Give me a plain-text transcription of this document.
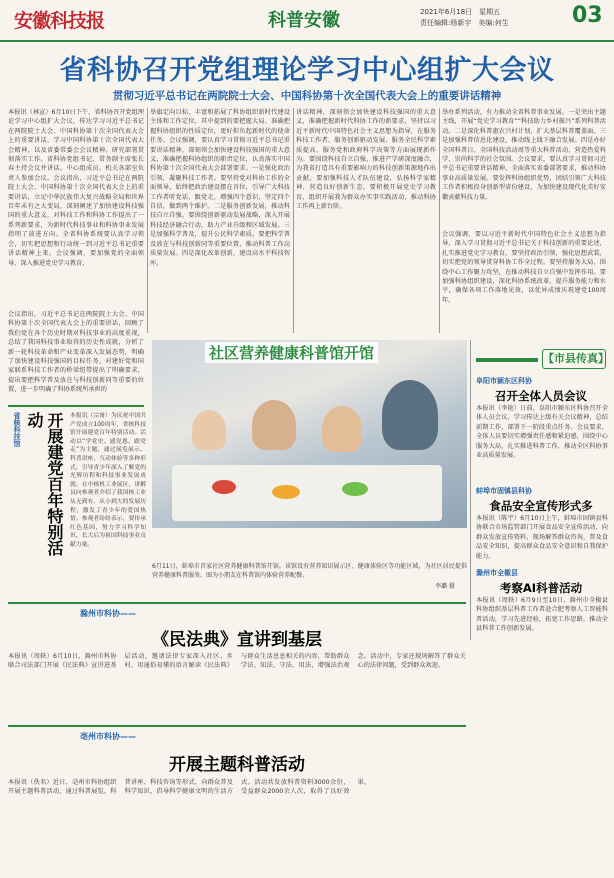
安徽科技报	科普安徽	2021年6月18日　星期五
责任编辑:杨新宇　美编:何生	03
省科协召开党组理论学习中心组扩大会议
贯彻习近平总书记在两院院士大会、中国科协第十次全国代表大会上的重要讲话精神
本报讯（林宣）6月10日下午，省科协召开党组理论学习中心组扩大会议，传达学习习近平总书记在两院院士大会、中国科协第十次全国代表大会上的重要讲话，学习中国科协第十次全国代表大会精神，以及省委常委会会议精神。研究部署贯彻落实工作。省科协党组书记、常务副主席张长春主持会议并讲话。中心组成员、机关各部室负责人参加会议。会议指出，习近平总书记在两院院士大会、中国科协第十次全国代表大会上的重要讲话，立足中华民族伟大复兴战略全局和世界百年未有之大变局，深刻阐述了加快建设科技强国的重大意义，对科技工作和科协工作提出了一系列新要求，为新时代科技事业和科协事业发展指明了前进方向。全省科协系统要认真学习领会，切实把思想和行动统一到习近平总书记重要讲话精神上来。会议强调，要加强党的全面领导，深入推进党史学习教育，
会议指出，习近平总书记在两院院士大会、中国科协第十次全国代表大会上的重要讲话，回顾了我们党在各个历史时期对科技事业的高度重视，总结了我国科技事业取得的历史性成就，分析了新一轮科技革命和产业变革深入发展态势，明确了加快建设科技强国的目标任务，对建好党和国家联系科技工作者的桥梁纽带提出了明确要求，提出要把科学普及放在与科技创新同等重要的位置，进一步明确了科协系统所承担的
举旗定向目标，丰富和拓展了科协组织新时代建设主体和工作定位，其中提到的要把握大局、准确把握科协组织的性质定位，更好担负起新时代的使命任务。会议强调，要认真学习贯彻习近平总书记重要讲话精神，深刻领会加快建设科技强国的重大意义，准确把握科协组织的职责定位，认真落实中国科协第十次全国代表大会部署要求。一是强化政治引领，凝聚科技工作者。要坚持党对科协工作的全面领导，始终把政治建设摆在首位，引导广大科技工作者听党话、跟党走，增强四个意识，坚定四个自信，做到两个维护。二是服务创新发展，推动科技自立自强。要围绕创新驱动发展战略，深入开展科技经济融合行动，助力产业升级和区域发展。三是加强科学普及，提升公民科学素质。要把科学普及放在与科技创新同等重要位置，推动科普工作高质量发展。四是深化改革创新，建设高水平科技智库。
讲话精神，深刻领会加快建设科技强国的重大意义，准确把握新时代科协工作的新要求，坚持以习近平新时代中国特色社会主义思想为指导，在服务科技工作者、服务创新驱动发展、服务全民科学素质提高、服务党和政府科学决策等方面展现新作为。要围绕科技自立自强，推进产学研深度融合，为我省打造具有重要影响力的科技创新策源地作出贡献。要加强科技人才队伍建设，弘扬科学家精神，营造良好创新生态。要积极开展党史学习教育，组织开展我为群众办实事实践活动，推动科协工作再上新台阶。
举办系列活动，有力推动全省科普事业发展。一是突出主题主线，开展“党史学习教育”“科技助力乡村振兴”系列科普活动。二是深化科普惠农兴村计划，扩大基层科普覆盖面。三是加强科普信息化建设，推动线上线下融合发展。四是办好全国科普日、全国科技活动周等重大科普活动，营造热爱科学、崇尚科学的社会氛围。会议要求，要认真学习贯彻习近平总书记重要讲话精神，全面落实省委部署要求，推动科协事业高质量发展。要发挥科协组织优势，团结引领广大科技工作者积极投身创新型省份建设，为加快建设现代化美好安徽贡献科技力量。
会议强调，要以习近平新时代中国特色社会主义思想为指导，深入学习贯彻习近平总书记关于科技创新的重要论述，扎实推进党史学习教育。要坚持政治引领，强化思想武装，切实把党的领导贯穿科协工作全过程。要坚持服务大局，围绕中心工作聚力攻坚，在推动科技自立自强中发挥作用。要加强科协组织建设，深化科协系统改革，提升服务能力和水平，确保各项工作落地见效，以优异成绩庆祝建党100周年。
省核科技馆	开展建党百年特别活动	本报讯（宗备）为庆祝中国共产党成立100周年，省核科技馆开展建党百年特别活动。活动以“学党史、感党恩、跟党走”为主题，通过展览展示、科普讲座、互动体验等多种形式，引导青少年深入了解党的光辉历程和科技事业发展成就。在中核机工业展区，讲解员向参观者介绍了我国核工业从无到有、从小到大的发展历程，激发了青少年的爱国热情。参观者纷纷表示，要传承红色基因，努力学习科学知识，长大后为祖国科技事业贡献力量。
社区营养健康科普馆开馆
6月11日，蚌埠市首家社区营养健康科普馆开馆。该馆设有营养知识展示区、健康体验区等功能区域，为社区居民提供营养健康科普服务。图为小朋友在科普馆内体验营养配餐。
李璐 摄
【市县传真】
阜阳市颍东区科协
召开全体人员会议
本报讯（李艳）日前，阜阳市颍东区科协召开全体人员会议，学习传达上级有关会议精神，总结前期工作，部署下一阶段重点任务。会议要求，全体人员要切实增强责任感和紧迫感，围绕中心服务大局，扎实推进科普工作，推动全区科协事业高质量发展。
蚌埠市固镇县科协
食品安全宣传形式多
本报讯（陈宇）6月10日上午，蚌埠市固镇县科协联合市场监管部门开展食品安全宣传活动，向群众发放宣传资料，现场解答群众咨询，普及食品安全知识，提高群众食品安全意识和自我保护能力。
滁州市全椒县
考察AI科普活动
本报讯（周轶）6月9日至10日，滁州市全椒县科协组织基层科普工作者赴合肥考察人工智能科普活动，学习先进经验，拓宽工作思路，推动全县科普工作创新发展。
滁州市科协——
《民法典》宣讲到基层
本报讯（周轶）6月10日，滁州市科协联合司法部门开展《民法典》宣讲进基层活动，邀请法律专家深入社区、乡村，用通俗易懂的语言解读《民法典》与群众生活息息相关的内容，帮助群众学法、知法、守法、用法，增强法治观念。活动中，专家还现场解答了群众关心的法律问题，受到群众欢迎。
亳州市科协——
开展主题科普活动
本报讯（佚名）近日，亳州市科协组织开展主题科普活动，通过科普展览、科普讲座、科技咨询等形式，向群众普及科学知识，倡导科学健康文明的生活方式。活动共发放科普资料3000余份，受益群众2000余人次，取得了良好效果。
